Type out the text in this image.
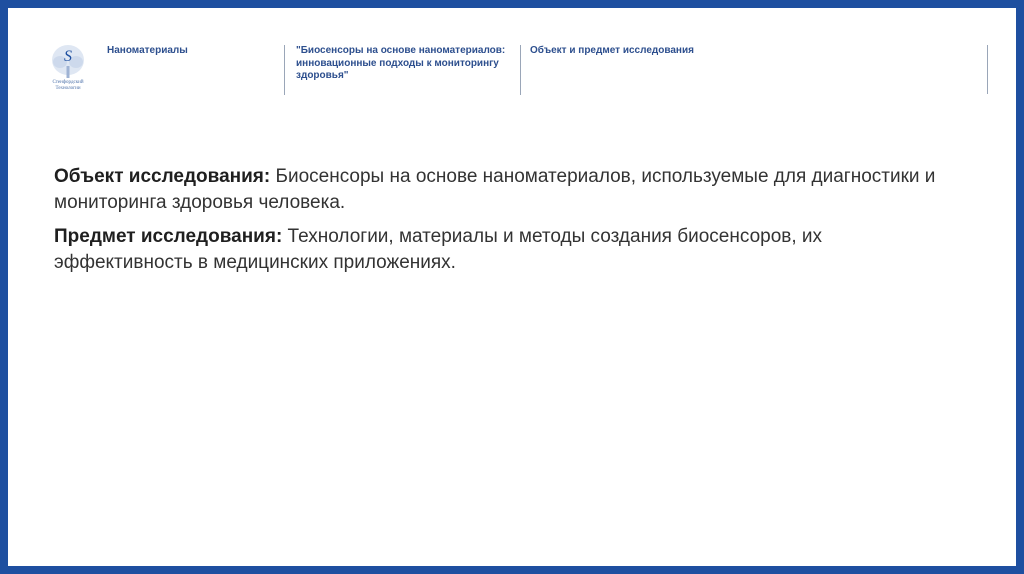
S
Стенфордский
Технологии
Наноматериалы	"Биосенсоры на основе наноматериалов: инновационные подходы к мониторингу здоровья"
Объект и предмет исследования

Объект исследования: Биосенсоры на основе наноматериалов, используемые для диагностики и мониторинга здоровья человека.

Предмет исследования: Технологии, материалы и методы создания биосенсоров, их эффективность в медицинских приложениях.
